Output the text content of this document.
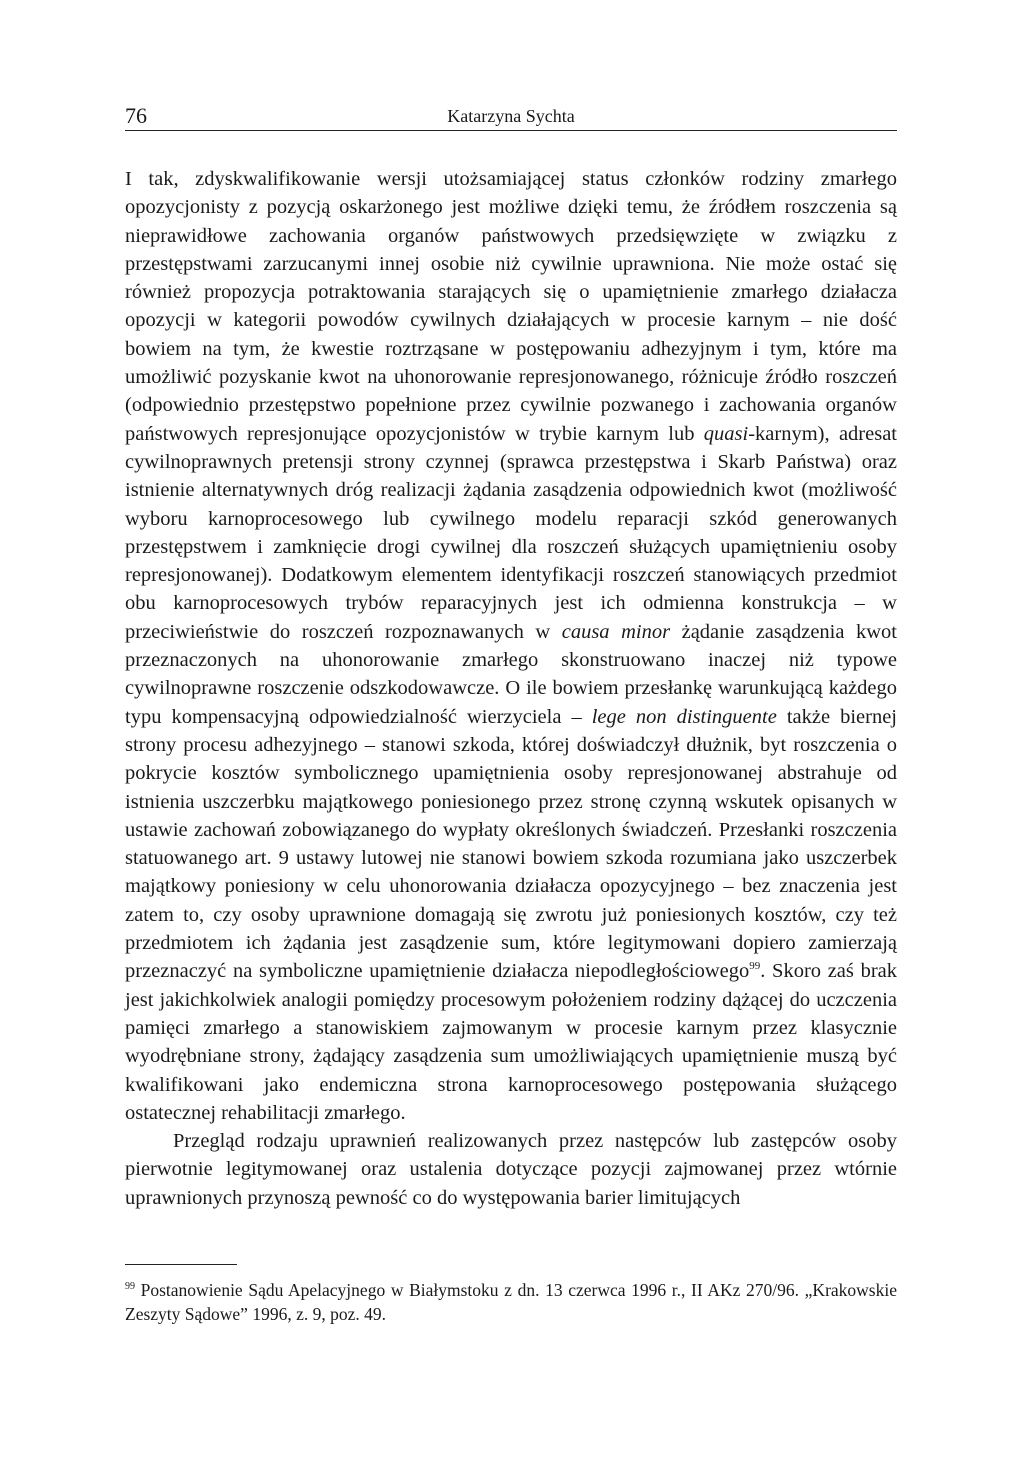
76	Katarzyna Sychta

I tak, zdyskwalifikowanie wersji utożsamiającej status członków rodziny zmarłego opozycjonisty z pozycją oskarżonego jest możliwe dzięki temu, że źródłem roszczenia są nieprawidłowe zachowania organów państwowych przedsięwzięte w związku z przestępstwami zarzucanymi innej osobie niż cywilnie uprawniona. Nie może ostać się również propozycja potraktowania starających się o upamiętnienie zmarłego działacza opozycji w kategorii powodów cywilnych działających w procesie karnym – nie dość bowiem na tym, że kwestie roztrząsane w postępowaniu adhezyjnym i tym, które ma umożliwić pozyskanie kwot na uhonorowanie represjonowanego, różnicuje źródło roszczeń (odpowiednio przestępstwo popełnione przez cywilnie pozwanego i zachowania organów państwowych represjonujące opozycjonistów w trybie karnym lub quasi-karnym), adresat cywilnoprawnych pretensji strony czynnej (sprawca przestępstwa i Skarb Państwa) oraz istnienie alternatywnych dróg realizacji żądania zasądzenia odpowiednich kwot (możliwość wyboru karnoprocesowego lub cywilnego modelu reparacji szkód generowanych przestępstwem i zamknięcie drogi cywilnej dla roszczeń służących upamiętnieniu osoby represjonowanej). Dodatkowym elementem identyfikacji roszczeń stanowiących przedmiot obu karnoprocesowych trybów reparacyjnych jest ich odmienna konstrukcja – w przeciwieństwie do roszczeń rozpoznawanych w causa minor żądanie zasądzenia kwot przeznaczonych na uhonorowanie zmarłego skonstruowano inaczej niż typowe cywilnoprawne roszczenie odszkodowawcze. O ile bowiem przesłankę warunkującą każdego typu kompensacyjną odpowiedzialność wierzyciela – lege non distinguente także biernej strony procesu adhezyjnego – stanowi szkoda, której doświadczył dłużnik, byt roszczenia o pokrycie kosztów symbolicznego upamiętnienia osoby represjonowanej abstrahuje od istnienia uszczerbku majątkowego poniesionego przez stronę czynną wskutek opisanych w ustawie zachowań zobowiązanego do wypłaty określonych świadczeń. Przesłanki roszczenia statuowanego art. 9 ustawy lutowej nie stanowi bowiem szkoda rozumiana jako uszczerbek majątkowy poniesiony w celu uhonorowania działacza opozycyjnego – bez znaczenia jest zatem to, czy osoby uprawnione domagają się zwrotu już poniesionych kosztów, czy też przedmiotem ich żądania jest zasądzenie sum, które legitymowani dopiero zamierzają przeznaczyć na symboliczne upamiętnienie działacza niepodległościowego$^{99}$. Skoro zaś brak jest jakichkolwiek analogii pomiędzy procesowym położeniem rodziny dążącej do uczczenia pamięci zmarłego a stanowiskiem zajmowanym w procesie karnym przez klasycznie wyodrębniane strony, żądający zasądzenia sum umożliwiających upamiętnienie muszą być kwalifikowani jako endemiczna strona karnoprocesowego postępowania służącego ostatecznej rehabilitacji zmarłego.

Przegląd rodzaju uprawnień realizowanych przez następców lub zastępców osoby pierwotnie legitymowanej oraz ustalenia dotyczące pozycji zajmowanej przez wtórnie uprawnionych przynoszą pewność co do występowania barier limitujących

$^{99}$ Postanowienie Sądu Apelacyjnego w Białymstoku z dn. 13 czerwca 1996 r., II AKz 270/96. „Krakowskie Zeszyty Sądowe” 1996, z. 9, poz. 49.
